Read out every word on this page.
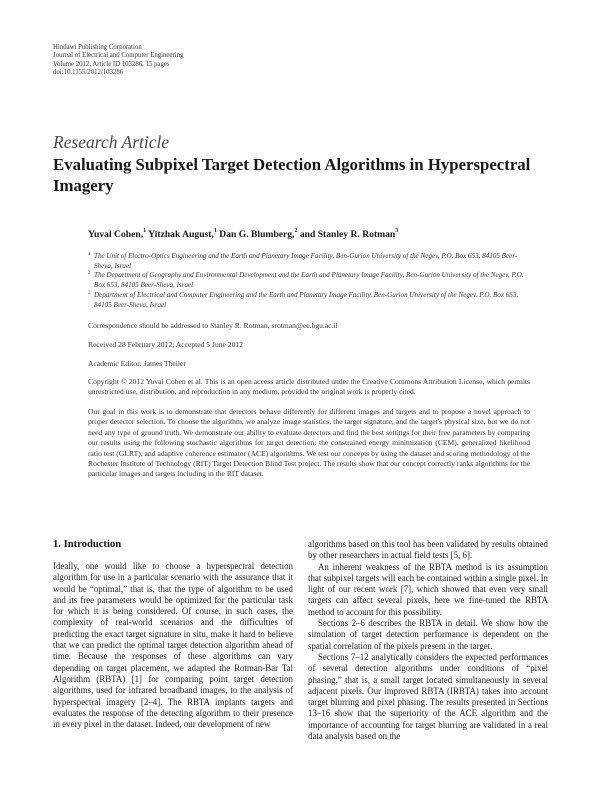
Hindawi Publishing Corporation
Journal of Electrical and Computer Engineering
Volume 2012, Article ID 103286, 15 pages
doi:10.1155/2012/103286
Research Article
Evaluating Subpixel Target Detection Algorithms in Hyperspectral Imagery
Yuval Cohen,$^1$ Yitzhak August,$^1$ Dan G. Blumberg,$^2$ and Stanley R. Rotman$^3$
1 The Unit of Electro-Optics Engineering and the Earth and Planetary Image Facility, Ben-Gurion University of the Negev, P.O. Box 653, 84105 Beer-Sheva, Israel
2 The Department of Geography and Environmental Development and the Earth and Planetary Image Facility, Ben-Gurion University of the Negev, P.O. Box 653, 84105 Beer-Sheva, Israel
3 Department of Electrical and Computer Engineering and the Earth and Planetary Image Facility, Ben-Gurion University of the Negev, P.O. Box 653, 84105 Beer-Sheva, Israel
Correspondence should be addressed to Stanley R. Rotman, srotman@ee.bgu.ac.il
Received 28 February 2012; Accepted 5 June 2012
Academic Editor: James Theiler
Copyright © 2012 Yuval Cohen et al. This is an open access article distributed under the Creative Commons Attribution License, which permits unrestricted use, distribution, and reproduction in any medium, provided the original work is properly cited.
Our goal in this work is to demonstrate that detectors behave differently for different images and targets and to propose a novel approach to proper detector selection. To choose the algorithm, we analyze image statistics, the target signature, and the target's physical size, but we do not need any type of ground truth. We demonstrate our ability to evaluate detectors and find the best settings for their free parameters by comparing our results using the following stochastic algorithms for target detection: the constrained energy minimization (CEM), generalized likelihood ratio test (GLRT), and adaptive coherence estimator (ACE) algorithms. We test our concepts by using the dataset and scoring methodology of the Rochester Institute of Technology (RIT) Target Detection Blind Test project. The results show that our concept correctly ranks algorithms for the particular images and targets including in the RIT dataset.
1. Introduction

Ideally, one would like to choose a hyperspectral detection algorithm for use in a particular scenario with the assurance that it would be “optimal,” that is, that the type of algorithm to be used and its free parameters would be optimized for the particular task for which it is being considered. Of course, in such cases, the complexity of real-world scenarios and the difficulties of predicting the exact target signature in situ, make it hard to believe that we can predict the optimal target detection algorithm ahead of time. Because the responses of these algorithms can vary depending on target placement, we adapted the Rotman-Bar Tal Algorithm (RBTA) [1] for comparing point target detection algorithms, used for infrared broadband images, to the analysis of hyperspectral imagery [2–4]. The RBTA implants targets and evaluates the response of the detecting algorithm to their presence in every pixel in the dataset. Indeed, our development of new

algorithms based on this tool has been validated by results obtained by other researchers in actual field tests [5, 6].

An inherent weakness of the RBTA method is its assumption that subpixel targets will each be contained within a single pixel. In light of our recent work [7], which showed that even very small targets can affect several pixels, here we fine-tuned the RBTA method to account for this possibility.

Sections 2–6 describes the RBTA in detail. We show how the simulation of target detection performance is dependent on the spatial correlation of the pixels present in the target.

Sections 7–12 analytically considers the expected performances of several detection algorithms under conditions of “pixel phasing,” that is, a small target located simultaneously in several adjacent pixels. Our improved RBTA (IRBTA) takes into account target blurring and pixel phasing. The results presented in Sections 13–16 show that the superiority of the ACE algorithm and the importance of accounting for target blurring are validated in a real data analysis based on the
